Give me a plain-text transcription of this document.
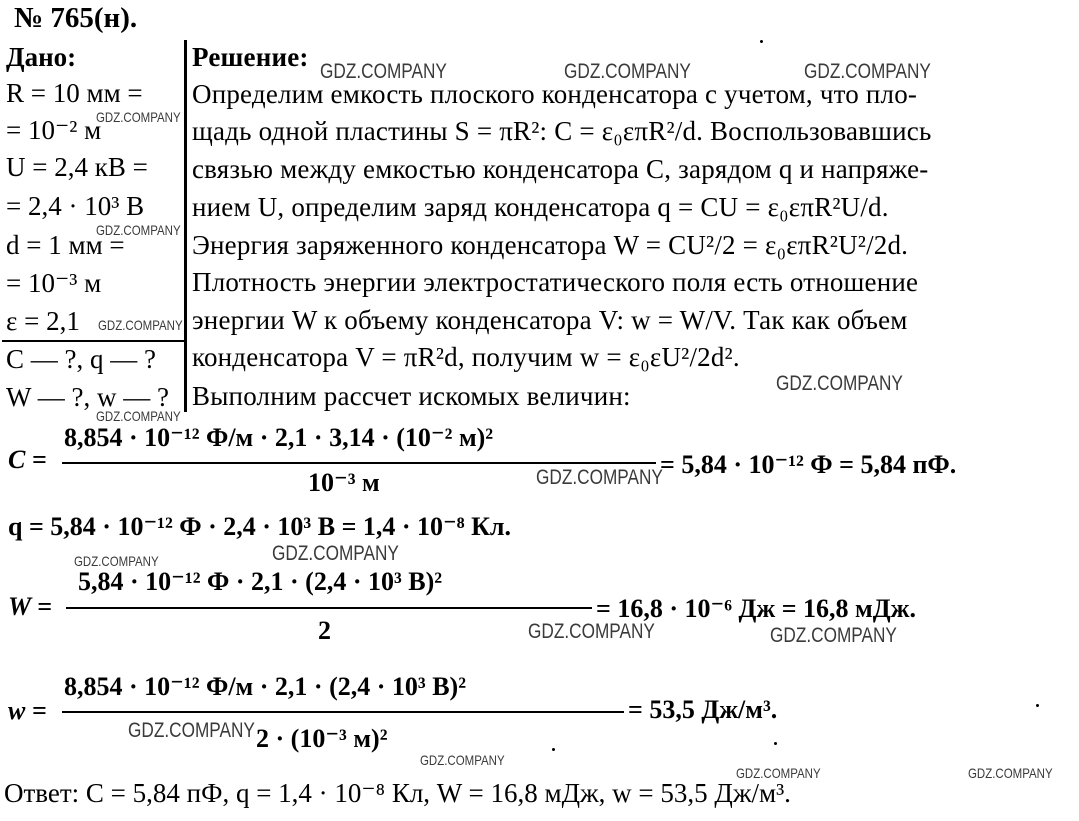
№ 765(н).
Дано:
R = 10 мм =
= 10⁻² м
U = 2,4 кВ =
= 2,4 · 10³ В
d = 1 мм =
= 10⁻³ м
ε = 2,1
C — ?, q — ?
W — ?, w — ?
Решение:
Определим емкость плоского конденсатора с учетом, что пло-
щадь одной пластины S = πR²: C = ε₀επR²/d. Воспользовавшись
связью между емкостью конденсатора C, зарядом q и напряже-
нием U, определим заряд конденсатора q = CU = ε₀επR²U/d.
Энергия заряженного конденсатора W = CU²/2 = ε₀επR²U²/2d.
Плотность энергии электростатического поля есть отношение
энергии W к объему конденсатора V: w = W/V. Так как объем
конденсатора V = πR²d, получим w = ε₀εU²/2d².
Выполним рассчет искомых величин:
C =
8,854 · 10⁻¹² Ф/м · 2,1 · 3,14 · (10⁻² м)²
10⁻³ м
= 5,84 · 10⁻¹² Ф = 5,84 пФ.
q = 5,84 · 10⁻¹² Ф · 2,4 · 10³ В = 1,4 · 10⁻⁸ Кл.
W =
5,84 · 10⁻¹² Ф · 2,1 · (2,4 · 10³ В)²
2
= 16,8 · 10⁻⁶ Дж = 16,8 мДж.
w =
8,854 · 10⁻¹² Ф/м · 2,1 · (2,4 · 10³ В)²
2 · (10⁻³ м)²
= 53,5 Дж/м³.
Ответ: C = 5,84 пФ, q = 1,4 · 10⁻⁸ Кл, W = 16,8 мДж, w = 53,5 Дж/м³.
GDZ.COMPANY	GDZ.COMPANY	GDZ.COMPANY
GDZ.COMPANY
GDZ.COMPANY
GDZ.COMPANY
GDZ.COMPANY
GDZ.COMPANY
GDZ.COMPANY
GDZ.COMPANY	GDZ.COMPANY
GDZ.COMPANY	GDZ.COMPANY
GDZ.COMPANY
GDZ.COMPANY
GDZ.COMPANY	GDZ.COMPANY
